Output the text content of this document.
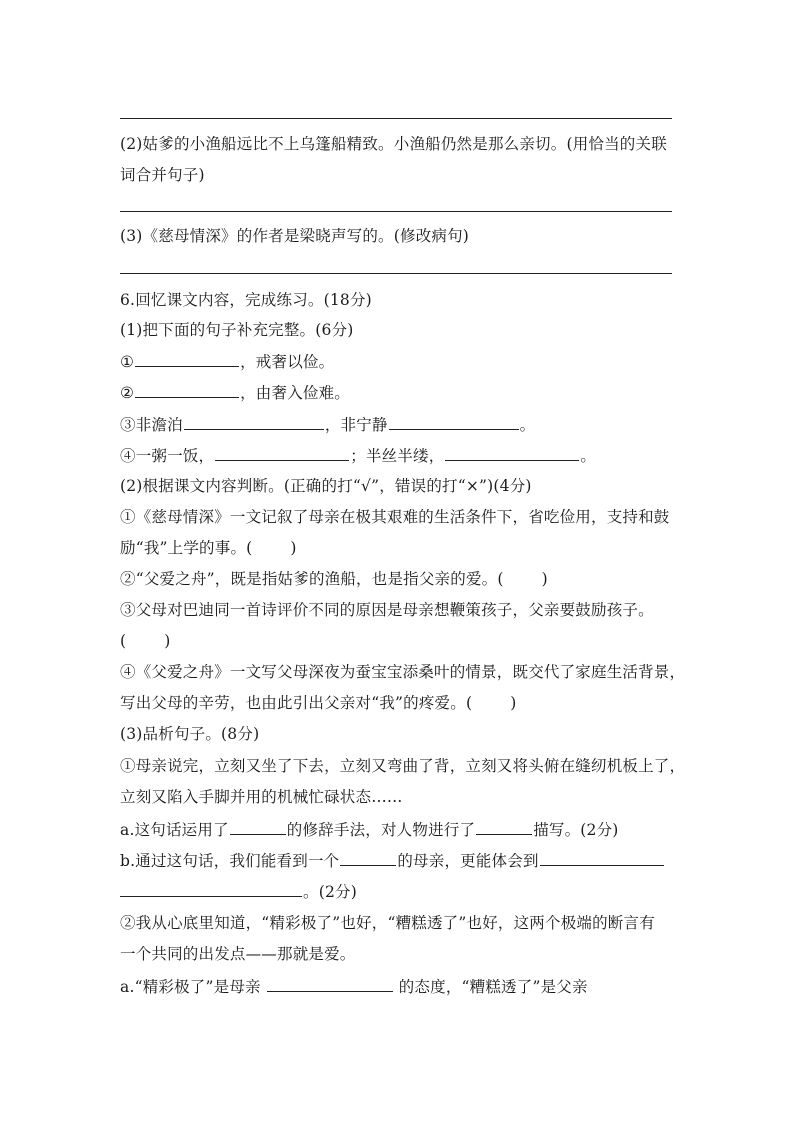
(2)姑爹的小渔船远比不上乌篷船精致。小渔船仍然是那么亲切。(用恰当的关联
词合并句子)
(3)《慈母情深》的作者是梁晓声写的。(修改病句)
6.回忆课文内容，完成练习。(18分)
(1)把下面的句子补充完整。(6分)
①	，戒奢以俭。
②	，由奢入俭难。
③非澹泊	，非宁静	。
④一粥一饭，	；半丝半缕，	。
(2)根据课文内容判断。(正确的打“√”，错误的打“×”)(4分)
①《慈母情深》一文记叙了母亲在极其艰难的生活条件下，省吃俭用，支持和鼓
励“我”上学的事。( )
②“父爱之舟”，既是指姑爹的渔船，也是指父亲的爱。( )
③父母对巴迪同一首诗评价不同的原因是母亲想鞭策孩子，父亲要鼓励孩子。
( )
④《父爱之舟》一文写父母深夜为蚕宝宝添桑叶的情景，既交代了家庭生活背景，
写出父母的辛劳，也由此引出父亲对“我”的疼爱。( )
(3)品析句子。(8分)
①母亲说完，立刻又坐了下去，立刻又弯曲了背，立刻又将头俯在缝纫机板上了，
立刻又陷入手脚并用的机械忙碌状态……
a.这句话运用了	的修辞手法，对人物进行了	描写。(2分)
b.通过这句话，我们能看到一个	的母亲，更能体会到
。(2分)
②我从心底里知道，“精彩极了”也好，“糟糕透了”也好，这两个极端的断言有
一个共同的出发点——那就是爱。
a.“精彩极了”是母亲	的态度，“糟糕透了”是父亲
